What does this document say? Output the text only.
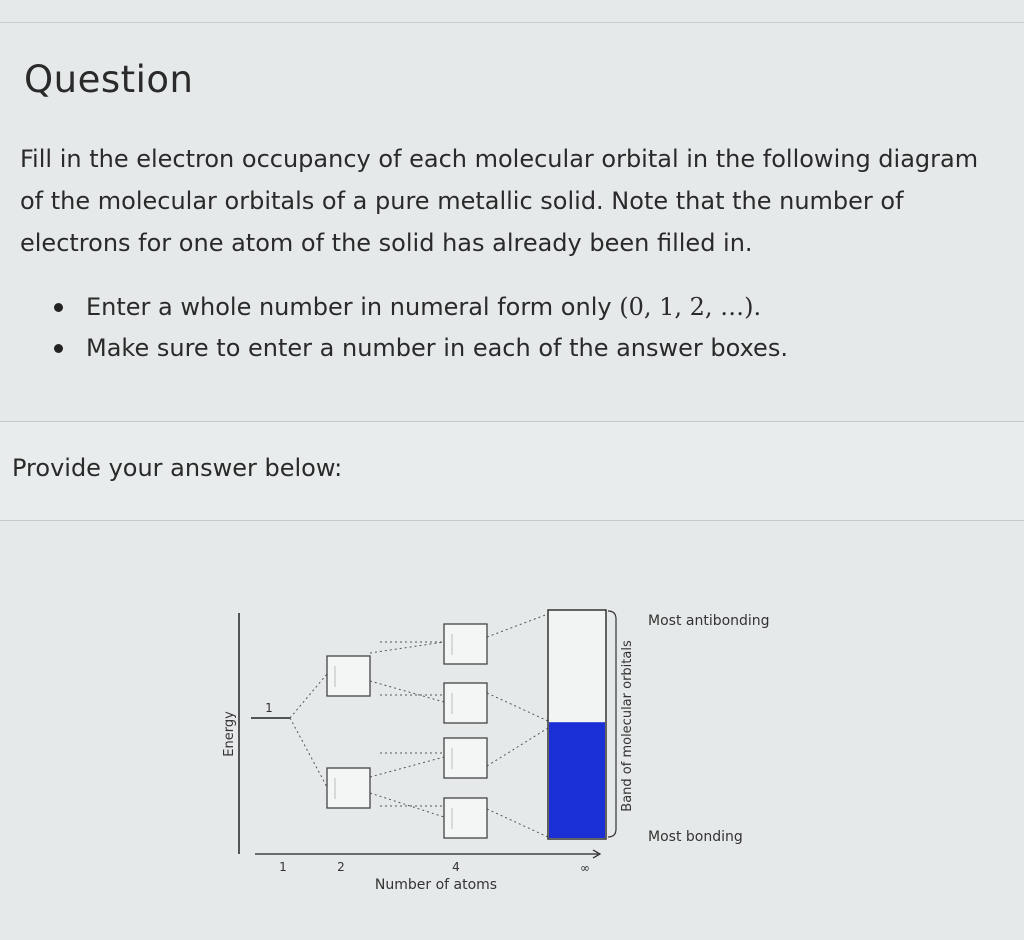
Question

Fill in the electron occupancy of each molecular orbital in the following diagram of the molecular orbitals of a pure metallic solid. Note that the number of electrons for one atom of the solid has already been filled in.

Enter a whole number in numeral form only (0, 1, 2, …).
Make sure to enter a number in each of the answer boxes.

Provide your answer below:

Energy
1	2	4	∞
Number of atoms
1	Band of molecular orbitals
Most antibonding
Most bonding
